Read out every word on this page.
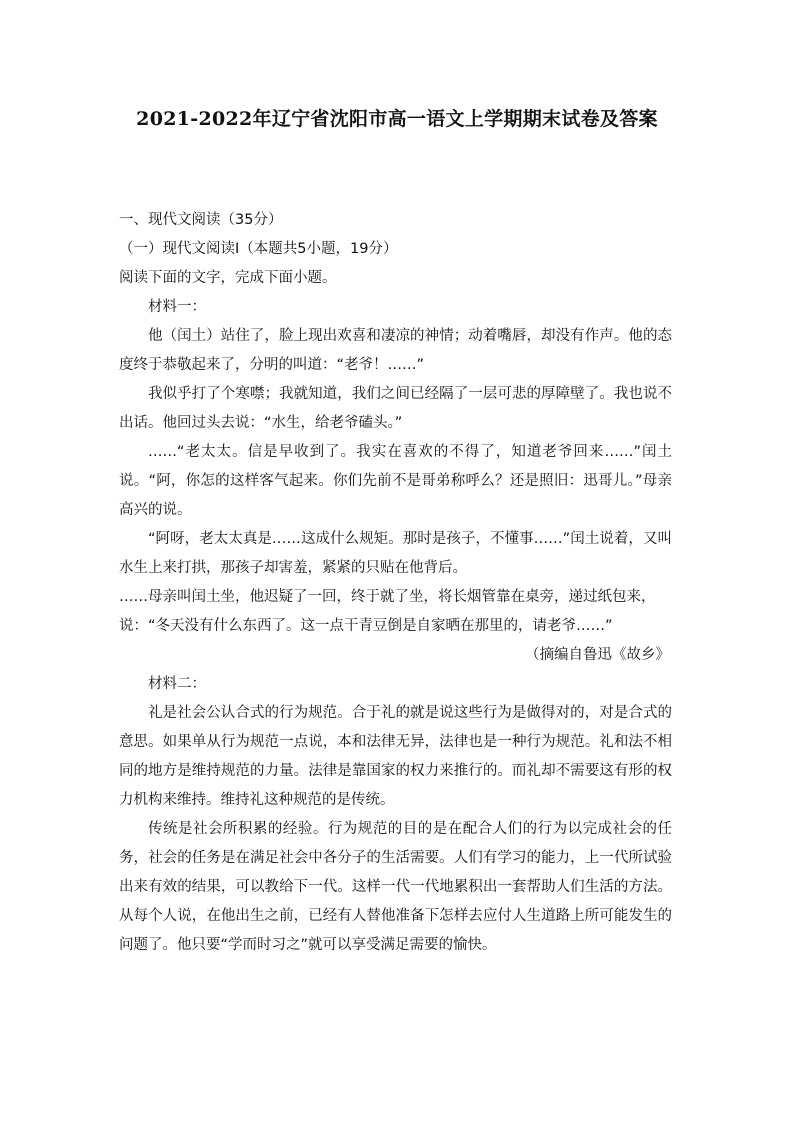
2021-2022年辽宁省沈阳市高一语文上学期期末试卷及答案

一、现代文阅读（35分）

（一）现代文阅读Ⅰ（本题共5小题，19分）

阅读下面的文字，完成下面小题。

材料一：

他（闰土）站住了，脸上现出欢喜和凄凉的神情；动着嘴唇，却没有作声。他的态度终于恭敬起来了，分明的叫道：“老爷！……”

我似乎打了个寒噤；我就知道，我们之间已经隔了一层可悲的厚障壁了。我也说不出话。他回过头去说：“水生，给老爷磕头。”

……“老太太。信是早收到了。我实在喜欢的不得了，知道老爷回来……”闰土说。“阿，你怎的这样客气起来。你们先前不是哥弟称呼么？还是照旧：迅哥儿。”母亲高兴的说。

“阿呀，老太太真是……这成什么规矩。那时是孩子，不懂事……”闰土说着，又叫水生上来打拱，那孩子却害羞，紧紧的只贴在他背后。

……母亲叫闰土坐，他迟疑了一回，终于就了坐，将长烟管靠在桌旁，递过纸包来，说：“冬天没有什么东西了。这一点干青豆倒是自家晒在那里的，请老爷……”

（摘编自鲁迅《故乡》

材料二：

礼是社会公认合式的行为规范。合于礼的就是说这些行为是做得对的，对是合式的意思。如果单从行为规范一点说，本和法律无异，法律也是一种行为规范。礼和法不相同的地方是维持规范的力量。法律是靠国家的权力来推行的。而礼却不需要这有形的权力机构来维持。维持礼这种规范的是传统。

传统是社会所积累的经验。行为规范的目的是在配合人们的行为以完成社会的任务，社会的任务是在满足社会中各分子的生活需要。人们有学习的能力，上一代所试验出来有效的结果，可以教给下一代。这样一代一代地累积出一套帮助人们生活的方法。从每个人说，在他出生之前，已经有人替他准备下怎样去应付人生道路上所可能发生的问题了。他只要“学而时习之”就可以享受满足需要的愉快。
